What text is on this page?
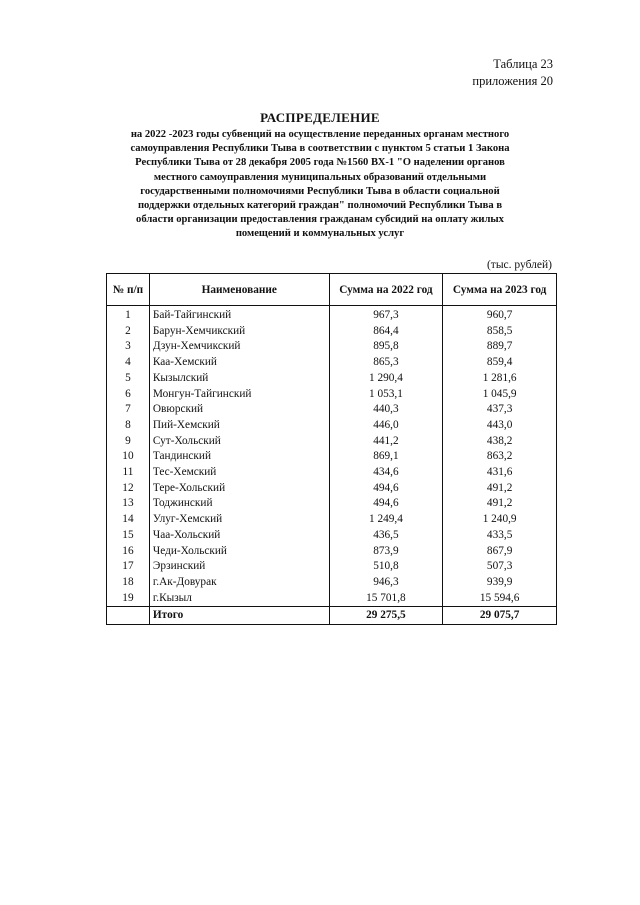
Таблица 23
приложения 20
РАСПРЕДЕЛЕНИЕ
на 2022 -2023 годы субвенций на осуществление переданных органам местного самоуправления Республики Тыва в соответствии с пунктом 5 статьи 1 Закона Республики Тыва от 28 декабря 2005 года №1560 ВХ-1 "О наделении органов местного самоуправления муниципальных образований отдельными государственными полномочиями Республики Тыва в области социальной поддержки отдельных категорий граждан" полномочий Республики Тыва в области организации предоставления гражданам субсидий на оплату жилых помещений и коммунальных услуг
(тыс. рублей)
№ п/п	Наименование	Сумма на 2022 год	Сумма на 2023 год
1	Бай-Тайгинский	967,3	960,7
2	Барун-Хемчикский	864,4	858,5
3	Дзун-Хемчикский	895,8	889,7
4	Каа-Хемский	865,3	859,4
5	Кызылский	1 290,4	1 281,6
6	Монгун-Тайгинский	1 053,1	1 045,9
7	Овюрский	440,3	437,3
8	Пий-Хемский	446,0	443,0
9	Сут-Хольский	441,2	438,2
10	Тандинский	869,1	863,2
11	Тес-Хемский	434,6	431,6
12	Тере-Хольский	494,6	491,2
13	Тоджинский	494,6	491,2
14	Улуг-Хемский	1 249,4	1 240,9
15	Чаа-Хольский	436,5	433,5
16	Чеди-Хольский	873,9	867,9
17	Эрзинский	510,8	507,3
18	г.Ак-Довурак	946,3	939,9
19	г.Кызыл	15 701,8	15 594,6
	Итого	29 275,5	29 075,7
